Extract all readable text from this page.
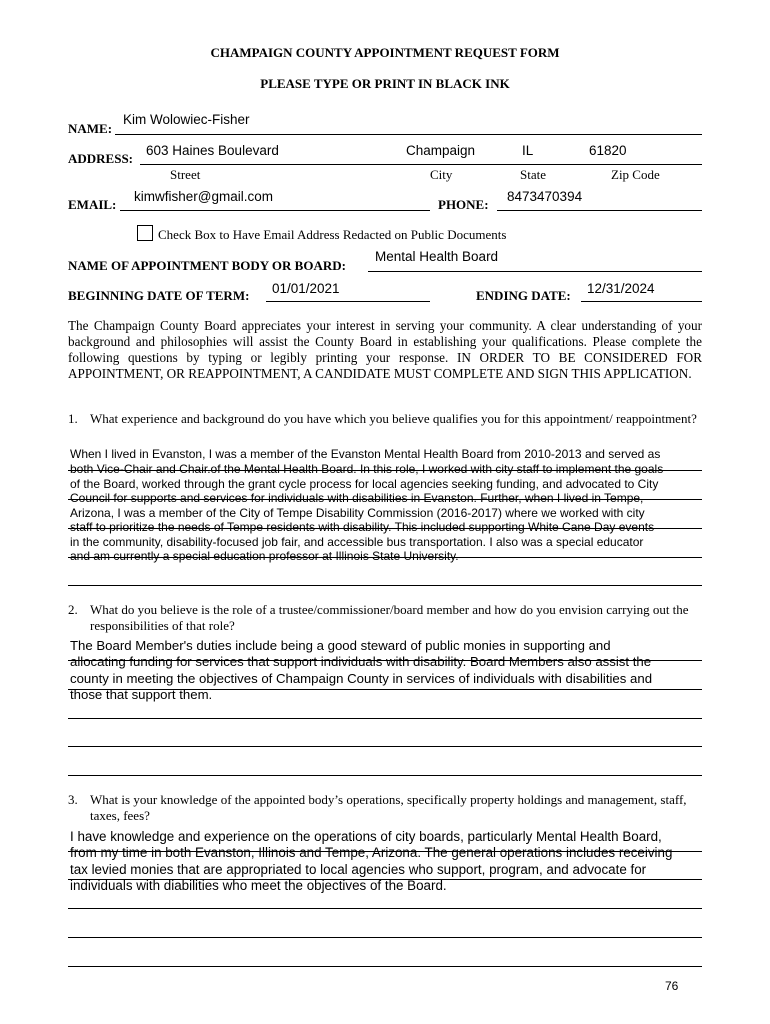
CHAMPAIGN COUNTY APPOINTMENT REQUEST FORM
PLEASE TYPE OR PRINT IN BLACK INK
NAME:
Kim Wolowiec-Fisher
ADDRESS:
603 Haines Boulevard	Champaign	IL	61820
Street	City	State	Zip Code
EMAIL:
kimwfisher@gmail.com
PHONE:
8473470394
Check Box to Have Email Address Redacted on Public Documents
NAME OF APPOINTMENT BODY OR BOARD:
Mental Health Board
BEGINNING DATE OF TERM: 01/01/2021	ENDING DATE: 12/31/2024
The Champaign County Board appreciates your interest in serving your community. A clear understanding of your background and philosophies will assist the County Board in establishing your qualifications. Please complete the following questions by typing or legibly printing your response. IN ORDER TO BE CONSIDERED FOR APPOINTMENT, OR REAPPOINTMENT, A CANDIDATE MUST COMPLETE AND SIGN THIS APPLICATION.
1. What experience and background do you have which you believe qualifies you for this appointment/ reappointment?
When I lived in Evanston, I was a member of the Evanston Mental Health Board from 2010-2013 and served as
both Vice-Chair and Chair.of the Mental Health Board. In this role, I worked with city staff to implement the goals
of the Board, worked through the grant cycle process for local agencies seeking funding, and advocated to City
Council for supports and services for individuals with disabilities in Evanston. Further, when I lived in Tempe,
Arizona, I was a member of the City of Tempe Disability Commission (2016-2017) where we worked with city
staff to prioritize the needs of Tempe residents with disability. This included supporting White Cane Day events
in the community, disability-focused job fair, and accessible bus transportation. I also was a special educator
and am currently a special education professor at Illinois State University.
2. What do you believe is the role of a trustee/commissioner/board member and how do you envision carrying out the responsibilities of that role?
The Board Member's duties include being a good steward of public monies in supporting and
allocating funding for services that support individuals with disability. Board Members also assist the
county in meeting the objectives of Champaign County in services of individuals with disabilities and
those that support them.
3. What is your knowledge of the appointed body’s operations, specifically property holdings and management, staff, taxes, fees?
I have knowledge and experience on the operations of city boards, particularly Mental Health Board,
from my time in both Evanston, Illinois and Tempe, Arizona. The general operations includes receiving
tax levied monies that are appropriated to local agencies who support, program, and advocate for
individuals with diabilities who meet the objectives of the Board.
76
